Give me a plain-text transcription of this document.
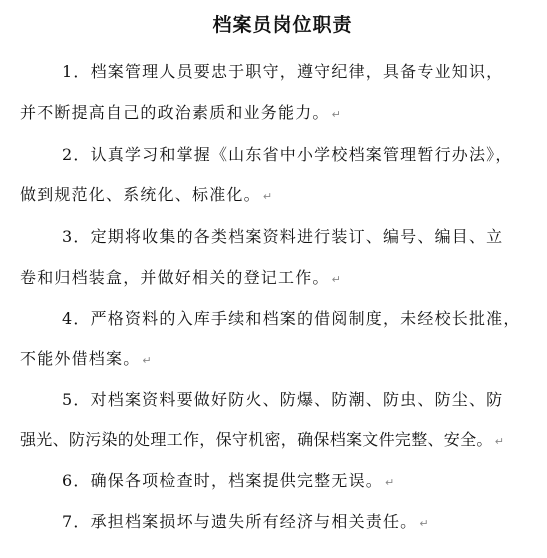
档案员岗位职责
1．档案管理人员要忠于职守，遵守纪律，具备专业知识，
并不断提高自己的政治素质和业务能力。 ↵
2．认真学习和掌握《山东省中小学校档案管理暂行办法》，
做到规范化、系统化、标准化。 ↵
3．定期将收集的各类档案资料进行装订、编号、编目、立
卷和归档装盒，并做好相关的登记工作。 ↵
4．严格资料的入库手续和档案的借阅制度，未经校长批准，
不能外借档案。 ↵
5．对档案资料要做好防火、防爆、防潮、防虫、防尘、防
强光、防污染的处理工作，保守机密，确保档案文件完整、安全。 ↵
6．确保各项检查时，档案提供完整无误。 ↵
7．承担档案损坏与遗失所有经济与相关责任。 ↵
